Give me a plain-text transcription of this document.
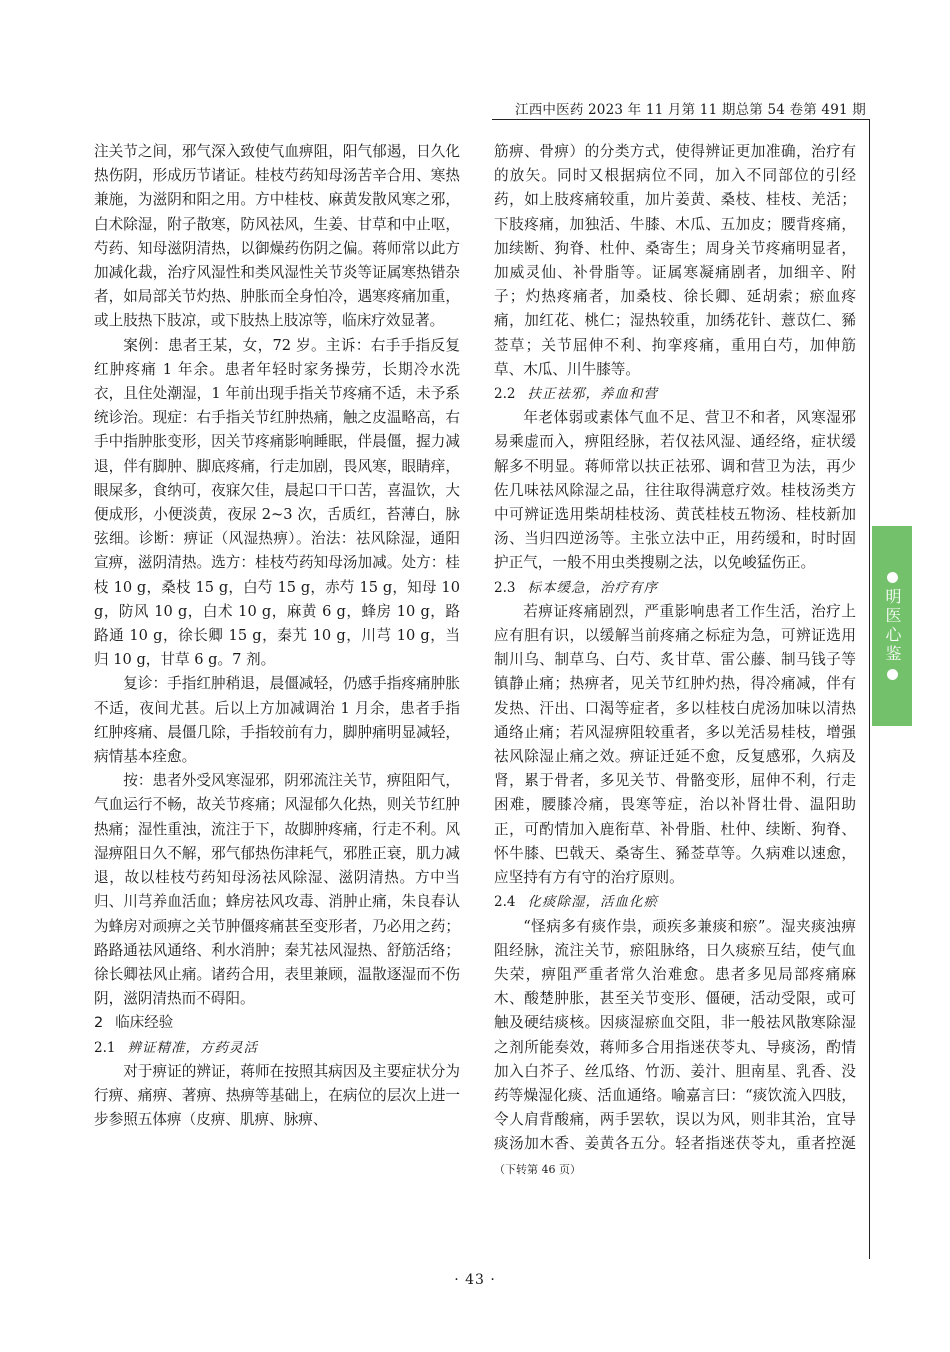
江西中医药 2023 年 11 月第 11 期总第 54 卷第 491 期

注关节之间，邪气深入致使气血痹阻，阳气郁遏，日久化热伤阴，形成历节诸证。桂枝芍药知母汤苦辛合用、寒热兼施，为滋阴和阳之用。方中桂枝、麻黄发散风寒之邪，白术除湿，附子散寒，防风祛风，生姜、甘草和中止呕，芍药、知母滋阴清热，以御燥药伤阴之偏。蒋师常以此方加减化裁，治疗风湿性和类风湿性关节炎等证属寒热错杂者，如局部关节灼热、肿胀而全身怕冷，遇寒疼痛加重，或上肢热下肢凉，或下肢热上肢凉等，临床疗效显著。

案例：患者王某，女，72 岁。主诉：右手手指反复红肿疼痛 1 年余。患者年轻时家务操劳，长期冷水洗衣，且住处潮湿，1 年前出现手指关节疼痛不适，未予系统诊治。现症：右手指关节红肿热痛，触之皮温略高，右手中指肿胀变形，因关节疼痛影响睡眠，伴晨僵，握力减退，伴有脚肿、脚底疼痛，行走加剧，畏风寒，眼睛痒，眼屎多，食纳可，夜寐欠佳，晨起口干口苦，喜温饮，大便成形，小便淡黄，夜尿 2~3 次，舌质红，苔薄白，脉弦细。诊断：痹证（风湿热痹）。治法：祛风除湿，通阳宣痹，滋阴清热。选方：桂枝芍药知母汤加减。处方：桂枝 10 g，桑枝 15 g，白芍 15 g，赤芍 15 g，知母 10 g，防风 10 g，白术 10 g，麻黄 6 g，蜂房 10 g，路路通 10 g，徐长卿 15 g，秦艽 10 g，川芎 10 g，当归 10 g，甘草 6 g。7 剂。

复诊：手指红肿稍退，晨僵减轻，仍感手指疼痛肿胀不适，夜间尤甚。后以上方加减调治 1 月余，患者手指红肿疼痛、晨僵几除，手指较前有力，脚肿痛明显减轻，病情基本痊愈。

按：患者外受风寒湿邪，阴邪流注关节，痹阻阳气，气血运行不畅，故关节疼痛；风湿郁久化热，则关节红肿热痛；湿性重浊，流注于下，故脚肿疼痛，行走不利。风湿痹阻日久不解，邪气郁热伤津耗气，邪胜正衰，肌力减退，故以桂枝芍药知母汤祛风除湿、滋阴清热。方中当归、川芎养血活血；蜂房祛风攻毒、消肿止痛，朱良春认为蜂房对顽痹之关节肿僵疼痛甚至变形者，乃必用之药；路路通祛风通络、利水消肿；秦艽祛风湿热、舒筋活络；徐长卿祛风止痛。诸药合用，表里兼顾，温散逐湿而不伤阴，滋阴清热而不碍阳。

2 临床经验

2.1 辨证精准，方药灵活

对于痹证的辨证，蒋师在按照其病因及主要症状分为行痹、痛痹、著痹、热痹等基础上，在病位的层次上进一步参照五体痹（皮痹、肌痹、脉痹、

筋痹、骨痹）的分类方式，使得辨证更加准确，治疗有的放矢。同时又根据病位不同，加入不同部位的引经药，如上肢疼痛较重，加片姜黄、桑枝、桂枝、羌活；下肢疼痛，加独活、牛膝、木瓜、五加皮；腰背疼痛，加续断、狗脊、杜仲、桑寄生；周身关节疼痛明显者，加威灵仙、补骨脂等。证属寒凝痛剧者，加细辛、附子；灼热疼痛者，加桑枝、徐长卿、延胡索；瘀血疼痛，加红花、桃仁；湿热较重，加绣花针、薏苡仁、豨莶草；关节屈伸不利、拘挛疼痛，重用白芍，加伸筋草、木瓜、川牛膝等。

2.2 扶正祛邪，养血和营

年老体弱或素体气血不足、营卫不和者，风寒湿邪易乘虚而入，痹阻经脉，若仅祛风湿、通经络，症状缓解多不明显。蒋师常以扶正祛邪、调和营卫为法，再少佐几味祛风除湿之品，往往取得满意疗效。桂枝汤类方中可辨证选用柴胡桂枝汤、黄芪桂枝五物汤、桂枝新加汤、当归四逆汤等。主张立法中正，用药缓和，时时固护正气，一般不用虫类搜剔之法，以免峻猛伤正。

2.3 标本缓急，治疗有序

若痹证疼痛剧烈，严重影响患者工作生活，治疗上应有胆有识，以缓解当前疼痛之标症为急，可辨证选用制川乌、制草乌、白芍、炙甘草、雷公藤、制马钱子等镇静止痛；热痹者，见关节红肿灼热，得冷痛减，伴有发热、汗出、口渴等症者，多以桂枝白虎汤加味以清热通络止痛；若风湿痹阻较重者，多以羌活易桂枝，增强祛风除湿止痛之效。痹证迁延不愈，反复感邪，久病及肾，累于骨者，多见关节、骨骼变形，屈伸不利，行走困难，腰膝冷痛，畏寒等症，治以补肾壮骨、温阳助正，可酌情加入鹿衔草、补骨脂、杜仲、续断、狗脊、怀牛膝、巴戟天、桑寄生、豨莶草等。久病难以速愈，应坚持有方有守的治疗原则。

2.4 化痰除湿，活血化瘀

“怪病多有痰作祟，顽疾多兼痰和瘀”。湿夹痰浊痹阻经脉，流注关节，瘀阻脉络，日久痰瘀互结，使气血失荣，痹阻严重者常久治难愈。患者多见局部疼痛麻木、酸楚肿胀，甚至关节变形、僵硬，活动受限，或可触及硬结痰核。因痰湿瘀血交阻，非一般祛风散寒除湿之剂所能奏效，蒋师多合用指迷茯苓丸、导痰汤，酌情加入白芥子、丝瓜络、竹沥、姜汁、胆南星、乳香、没药等燥湿化痰、活血通络。喻嘉言曰：“痰饮流入四肢，令人肩背酸痛，两手罢软，误以为风，则非其治，宜导痰汤加木香、姜黄各五分。轻者指迷茯苓丸，重者控涎（下转第 46 页）

明医心鉴
· 43 ·
